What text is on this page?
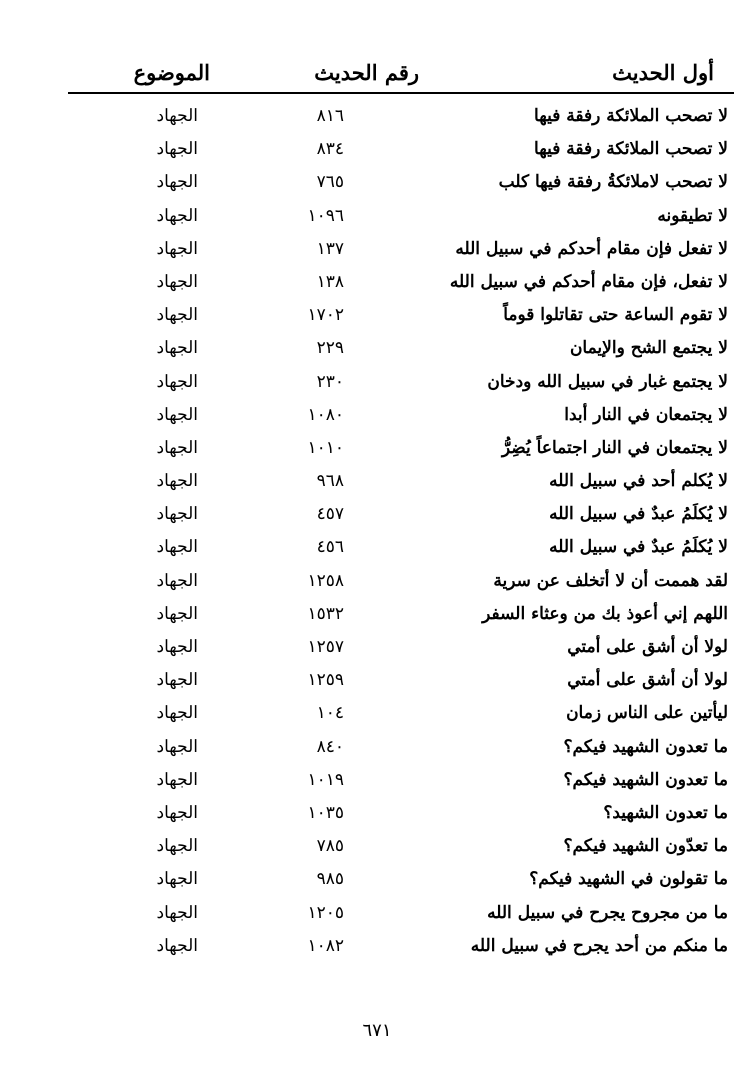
أول الحديث
رقم الحديث
الموضوع
لا تصحب الملائكة رفقة فيها
٨١٦
الجهاد
لا تصحب الملائكة رفقة فيها
٨٣٤
الجهاد
لا تصحب لاملائكةُ رفقة فيها كلب
٧٦٥
الجهاد
لا تطيقونه
١٠٩٦
الجهاد
لا تفعل فإن مقام أحدكم في سبيل الله
١٣٧
الجهاد
لا تفعل، فإن مقام أحدكم في سبيل الله
١٣٨
الجهاد
لا تقوم الساعة حتى تقاتلوا قوماً
١٧٠٢
الجهاد
لا يجتمع الشح والإيمان
٢٢٩
الجهاد
لا يجتمع غبار في سبيل الله ودخان
٢٣٠
الجهاد
لا يجتمعان في النار أبدا
١٠٨٠
الجهاد
لا يجتمعان في النار اجتماعاً يُضِرُّ
١٠١٠
الجهاد
لا يُكلم أحد في سبيل الله
٩٦٨
الجهاد
لا يُكلَمُ عبدٌ في سبيل الله
٤٥٧
الجهاد
لا يُكلَمُ عبدٌ في سبيل الله
٤٥٦
الجهاد
لقد هممت أن لا أتخلف عن سرية
١٢٥٨
الجهاد
اللهم إني أعوذ بك من وعثاء السفر
١٥٣٢
الجهاد
لولا أن أشق على أمتي
١٢٥٧
الجهاد
لولا أن أشق على أمتي
١٢٥٩
الجهاد
ليأتين على الناس زمان
١٠٤
الجهاد
ما تعدون الشهيد فيكم؟
٨٤٠
الجهاد
ما تعدون الشهيد فيكم؟
١٠١٩
الجهاد
ما تعدون الشهيد؟
١٠٣٥
الجهاد
ما تعدّون الشهيد فيكم؟
٧٨٥
الجهاد
ما تقولون في الشهيد فيكم؟
٩٨٥
الجهاد
ما من مجروح يجرح في سبيل الله
١٢٠٥
الجهاد
ما منكم من أحد يجرح في سبيل الله
١٠٨٢
الجهاد
٦٧١
